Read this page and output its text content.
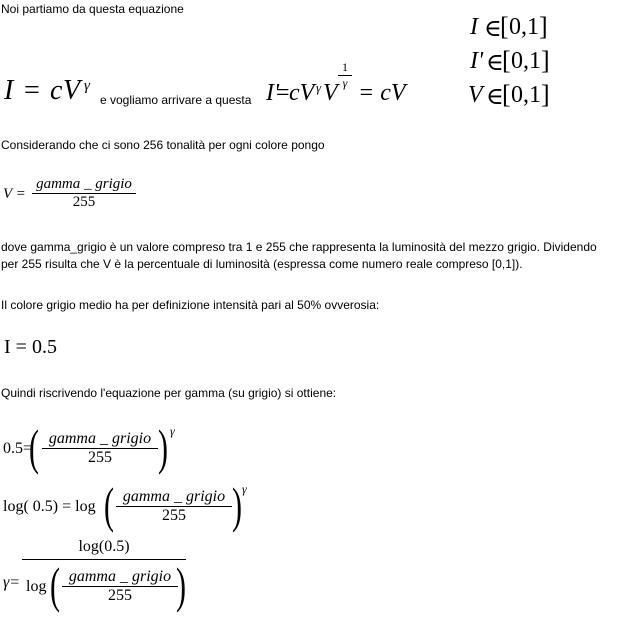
Noi partiamo da questa equazione
I = c V γ
e vogliamo arrivare a questa I'
= cV γ V
1
γ = cV
I ∈
[ 0,1 ]
I' ∈
[ 0,1 ]
V ∈
[ 0,1 ]
Considerando che ci sono 256 tonalità per ogni colore pongo
V =
gamma _ grigio
255
dove gamma_grigio è un valore compreso tra 1 e 255 che rappresenta la luminosità del mezzo grigio. Dividendo
per 255 risulta che V è la percentuale di luminosità (espressa come numero reale compreso [0,1]).
Il colore grigio medio ha per definizione intensità pari al 50% ovverosia:
I = 0.5
Quindi riscrivendo l'equazione per gamma (su grigio) si ottiene:
0.5=
( gamma _ grigio
255 ) γ
log( 0.5) = log ( gamma _ grigio
255 ) γ
γ=
log(0.5)
log ( gamma _ grigio
255 )
